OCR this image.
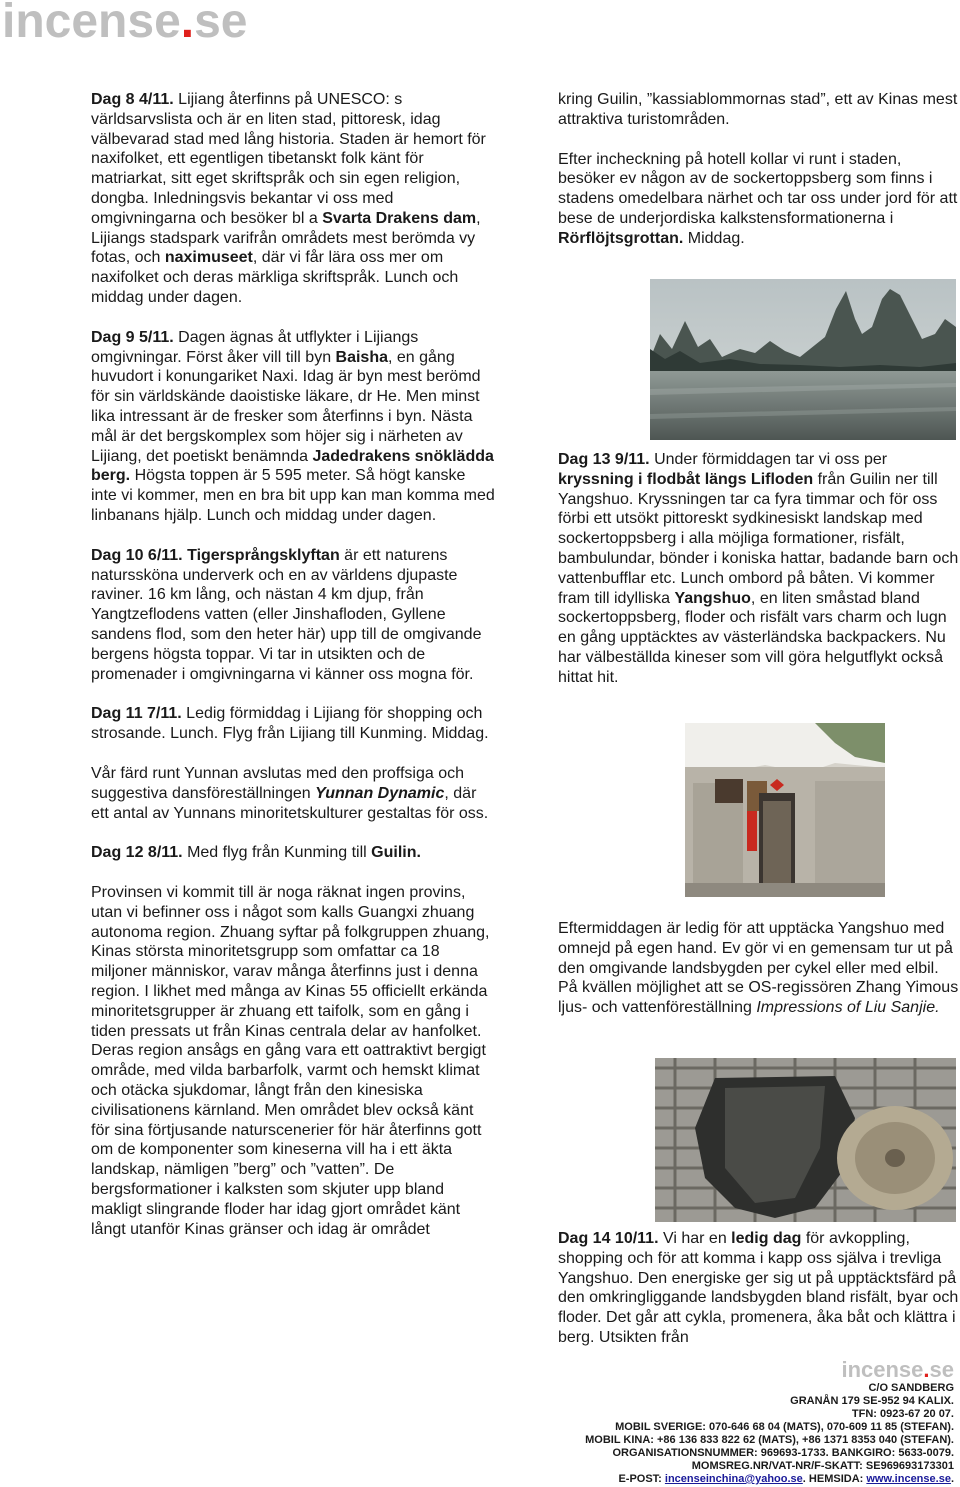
incense.se

Dag 8 4/11. Lijiang återfinns på UNESCO: s världsarvslista och är en liten stad, pittoresk, idag välbevarad stad med lång historia. Staden är hemort för naxifolket, ett egentligen tibetanskt folk känt för matriarkat, sitt eget skriftspråk och sin egen religion, dongba. Inledningsvis bekantar vi oss med omgivningarna och besöker bl a Svarta Drakens dam, Lijiangs stadspark varifrån områdets mest berömda vy fotas, och naximuseet, där vi får lära oss mer om naxifolket och deras märkliga skriftspråk. Lunch och middag under dagen.

Dag 9 5/11. Dagen ägnas åt utflykter i Lijiangs omgivningar. Först åker vill till byn Baisha, en gång huvudort i konungariket Naxi. Idag är byn mest berömd för sin världskände daoistiske läkare, dr He. Men minst lika intressant är de fresker som återfinns i byn. Nästa mål är det bergskomplex som höjer sig i närheten av Lijiang, det poetiskt benämnda Jadedrakens snöklädda berg. Högsta toppen är 5 595 meter. Så högt kanske inte vi kommer, men en bra bit upp kan man komma med linbanans hjälp. Lunch och middag under dagen.

Dag 10 6/11. Tigersprångsklyftan är ett naturens naturssköna underverk och en av världens djupaste raviner. 16 km lång, och nästan 4 km djup, från Yangtzeflodens vatten (eller Jinshafloden, Gyllene sandens flod, som den heter här) upp till de omgivande bergens högsta toppar. Vi tar in utsikten och de promenader i omgivningarna vi känner oss mogna för.

Dag 11 7/11. Ledig förmiddag i Lijiang för shopping och strosande. Lunch. Flyg från Lijiang till Kunming. Middag.

Vår färd runt Yunnan avslutas med den proffsiga och suggestiva dansföreställningen Yunnan Dynamic, där ett antal av Yunnans minoritetskulturer gestaltas för oss.

Dag 12 8/11. Med flyg från Kunming till Guilin.

Provinsen vi kommit till är noga räknat ingen provins, utan vi befinner oss i något som kalls Guangxi zhuang autonoma region. Zhuang syftar på folkgruppen zhuang, Kinas största minoritetsgrupp som omfattar ca 18 miljoner människor, varav många återfinns just i denna region. I likhet med många av Kinas 55 officiellt erkända minoritetsgrupper är zhuang ett taifolk, som en gång i tiden pressats ut från Kinas centrala delar av hanfolket. Deras region ansågs en gång vara ett oattraktivt bergigt område, med vilda barbarfolk, varmt och hemskt klimat och otäcka sjukdomar, långt från den kinesiska civilisationens kärnland. Men området blev också känt för sina förtjusande naturscenerier för här återfinns gott om de komponenter som kineserna vill ha i ett äkta landskap, nämligen ”berg” och ”vatten”. De bergsformationer i kalksten som skjuter upp bland makligt slingrande floder har idag gjort området känt långt utanför Kinas gränser och idag är området

kring Guilin, ”kassiablommornas stad”, ett av Kinas mest attraktiva turistområden.

Efter incheckning på hotell kollar vi runt i staden, besöker ev någon av de sockertoppsberg som finns i stadens omedelbara närhet och tar oss under jord för att bese de underjordiska kalkstensformationerna i Rörflöjtsgrottan. Middag.

Dag 13 9/11. Under förmiddagen tar vi oss per kryssning i flodbåt längs Lifloden från Guilin ner till Yangshuo. Kryssningen tar ca fyra timmar och för oss förbi ett utsökt pittoreskt sydkinesiskt landskap med sockertoppsberg i alla möjliga formationer, risfält, bambulundar, bönder i koniska hattar, badande barn och vattenbufflar etc. Lunch ombord på båten. Vi kommer fram till idylliska Yangshuo, en liten småstad bland sockertoppsberg, floder och risfält vars charm och lugn en gång upptäcktes av västerländska backpackers. Nu har välbeställda kineser som vill göra helgutflykt också hittat hit.

Eftermiddagen är ledig för att upptäcka Yangshuo med omnejd på egen hand. Ev gör vi en gemensam tur ut på den omgivande landsbygden per cykel eller med elbil. På kvällen möjlighet att se OS-regissören Zhang Yimous ljus- och vattenföreställning Impressions of Liu Sanjie.

Dag 14 10/11. Vi har en ledig dag för avkoppling, shopping och för att komma i kapp oss själva i trevliga Yangshuo. Den energiske ger sig ut på upptäcktsfärd på den omkringliggande landsbygden bland risfält, byar och floder. Det går att cykla, promenera, åka båt och klättra i berg. Utsikten från

incense.se
C/O SANDBERG
GRANÅN 179 SE-952 94 KALIX.
TFN: 0923-67 20 07.
MOBIL SVERIGE: 070-646 68 04 (MATS), 070-609 11 85 (STEFAN).
MOBIL KINA: +86 136 833 822 62 (MATS), +86 1371 8353 040 (STEFAN).
ORGANISATIONSNUMMER: 969693-1733. BANKGIRO: 5633-0079.
MOMSREG.NR/VAT-NR/F-SKATT: SE969693173301
E-POST: incenseinchina@yahoo.se. HEMSIDA: www.incense.se.
